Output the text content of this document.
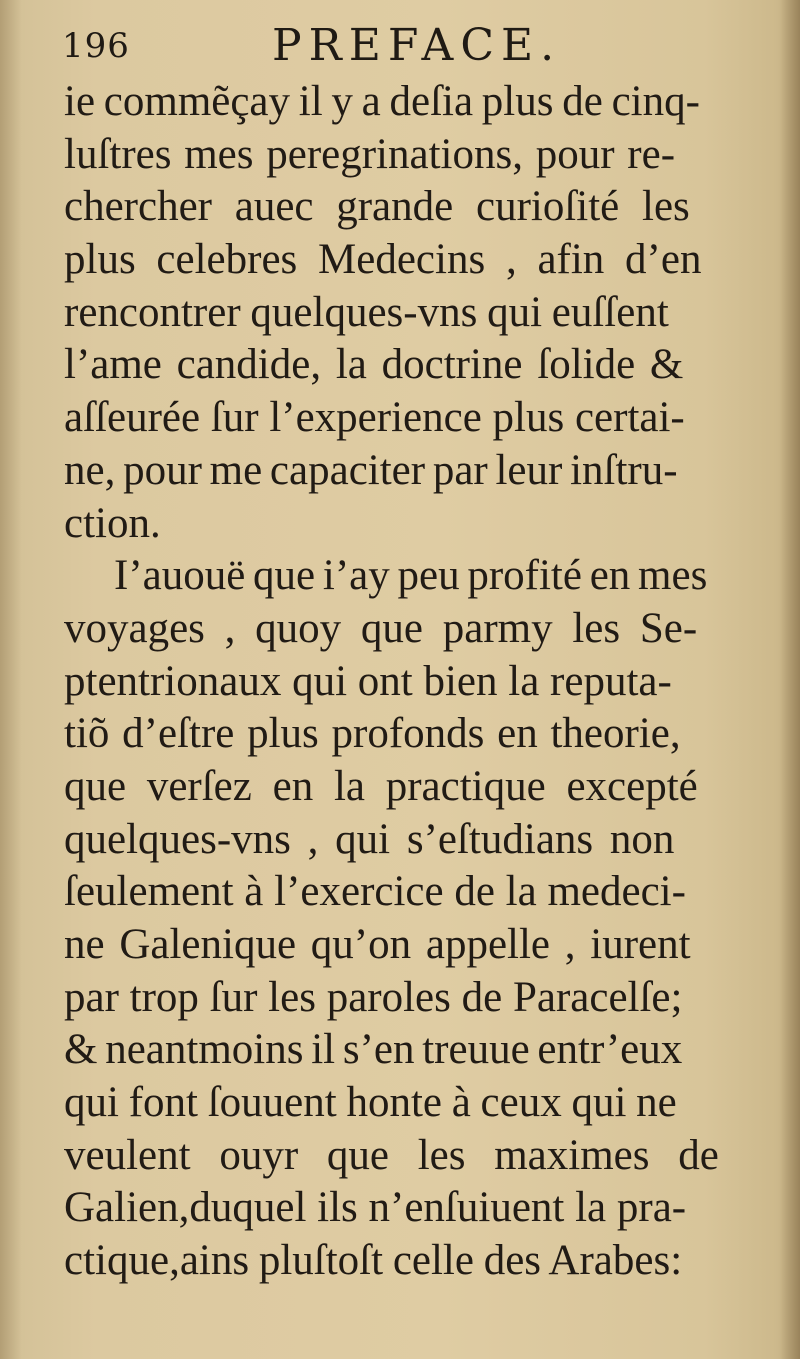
196	PREFACE.
ie commẽçay il y a deſia plus de cinq-
luſtres mes peregrinations, pour re-
chercher auec grande curioſité les
plus celebres Medecins , afin d’en
rencontrer quelques-vns qui euſſent
l’ame candide, la doctrine ſolide &
aſſeurée ſur l’experience plus certai-
ne, pour me capaciter par leur inſtru-
ction.
I’auouë que i’ay peu profité en mes
voyages , quoy que parmy les Se-
ptentrionaux qui ont bien la reputa-
tiõ d’eſtre plus profonds en theorie,
que verſez en la practique excepté
quelques-vns , qui s’eſtudians non
ſeulement à l’exercice de la medeci-
ne Galenique qu’on appelle , iurent
par trop ſur les paroles de Paracelſe;
& neantmoins il s’en treuue entr’eux
qui font ſouuent honte à ceux qui ne
veulent ouyr que les maximes de
Galien,duquel ils n’enſuiuent la pra-
ctique,ains pluſtoſt celle des Arabes:
